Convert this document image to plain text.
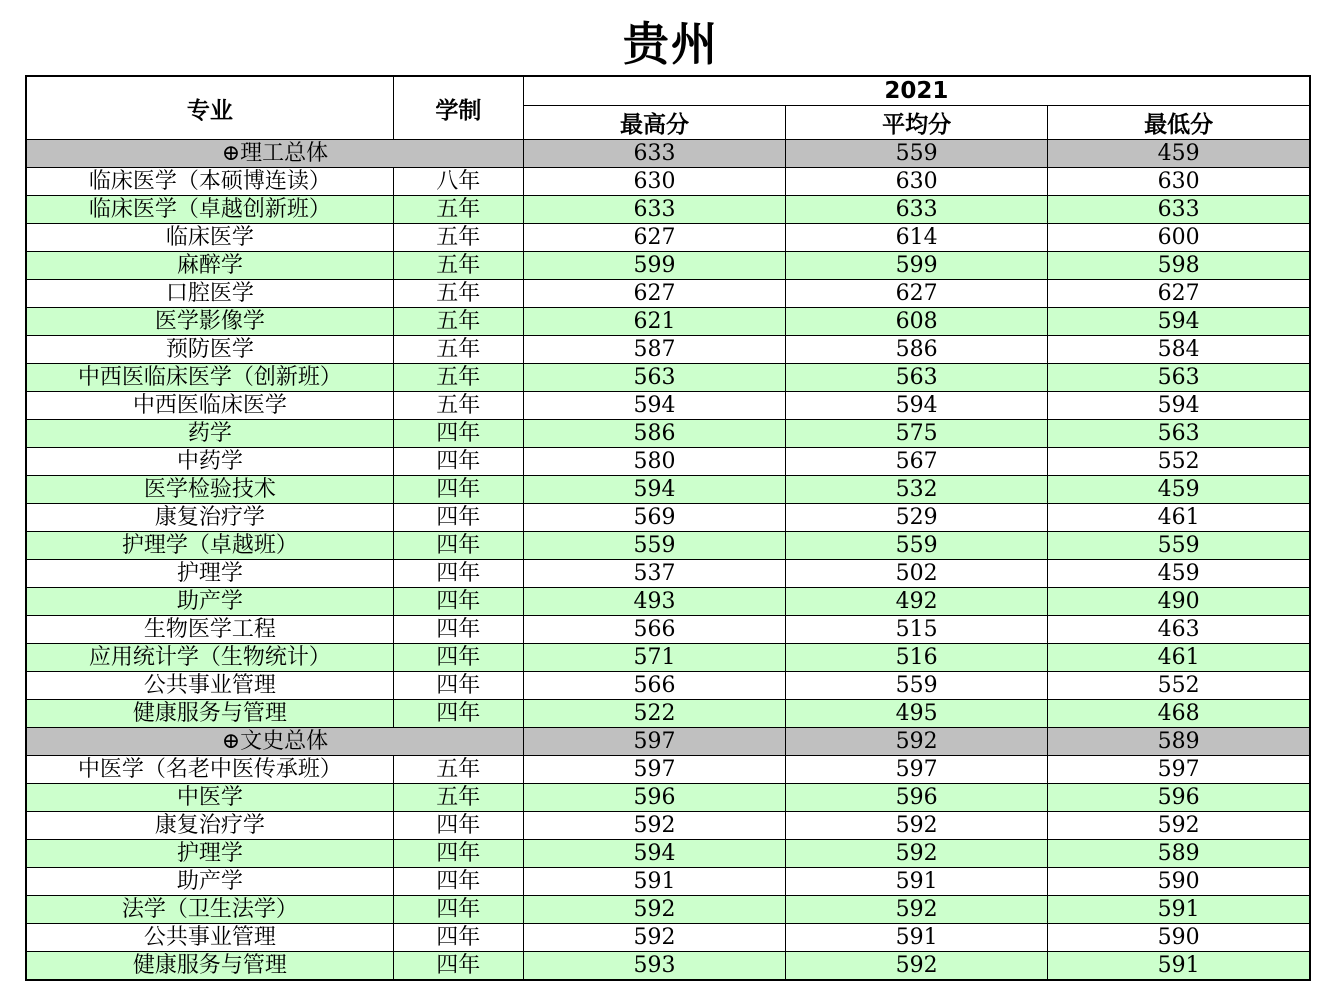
贵州
专业	学制	2021		
		最高分	平均分	最低分
⊕理工总体		633	559	459
临床医学（本硕博连读）	八年	630	630	630
临床医学（卓越创新班）	五年	633	633	633
临床医学	五年	627	614	600
麻醉学	五年	599	599	598
口腔医学	五年	627	627	627
医学影像学	五年	621	608	594
预防医学	五年	587	586	584
中西医临床医学（创新班）	五年	563	563	563
中西医临床医学	五年	594	594	594
药学	四年	586	575	563
中药学	四年	580	567	552
医学检验技术	四年	594	532	459
康复治疗学	四年	569	529	461
护理学（卓越班）	四年	559	559	559
护理学	四年	537	502	459
助产学	四年	493	492	490
生物医学工程	四年	566	515	463
应用统计学（生物统计）	四年	571	516	461
公共事业管理	四年	566	559	552
健康服务与管理	四年	522	495	468
⊕文史总体		597	592	589
中医学（名老中医传承班）	五年	597	597	597
中医学	五年	596	596	596
康复治疗学	四年	592	592	592
护理学	四年	594	592	589
助产学	四年	591	591	590
法学（卫生法学）	四年	592	592	591
公共事业管理	四年	592	591	590
健康服务与管理	四年	593	592	591
